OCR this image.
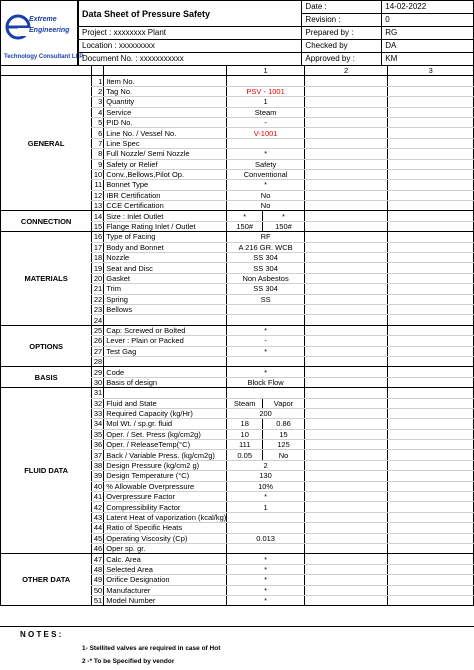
Extreme
Engineering
Technology Consultant LLP.
Data Sheet of Pressure Safety	Date :	14-02-2022
	Revision :	0
Project : xxxxxxxx Plant	Prepared by :	RG
Location : xxxxxxxxx	Checked by	DA
Document No. : xxxxxxxxxxx	Approved by :	KM
			1		2	3
GENERAL	1	Item No.				
	2	Tag No.	PSV - 1001			
	3	Quantity	1			
	4	Service	Steam			
	5	PID No.	-			
	6	Line No. / Vessel No.	V-1001			
	7	Line Spec				
	8	Full Nozzle/ Semi Nozzle	*			
	9	Safety or Relief	Safety			
	10	Conv.,Bellows,Pilot Op.	Conventional			
	11	Bonnet Type	*			
	12	IBR Certification	No			
	13	CCE Certification	No			
CONNECTION	14	Size : Inlet Outlet	*	*		
	15	Flange Rating Inlet / Outlet	150#	150#		
MATERIALS	16	Type of Facing	RF			
	17	Body and Bonnet	A 216 GR. WCB			
	18	Nozzle	SS 304			
	19	Seat and Disc	SS 304			
	20	Gasket	Non Asbestos			
	21	Trim	SS 304			
	22	Spring	SS			
	23	Bellows				
	24					
OPTIONS	25	Cap: Screwed or Bolted	*			
	26	Lever : Plain or Packed	-			
	27	Test Gag	*			
	28					
BASIS	29	Code	*			
	30	Basis of design	Block Flow			
FLUID DATA	31					
	32	Fluid and State	Steam	Vapor		
	33	Required Capacity (kg/Hr)	200			
	34	Mol Wt. / sp.gr. fluid	18	0.86		
	35	Oper. / Set. Press (kg/cm2g)	10	15		
	36	Oper. / ReleaseTemp(°C)	111	125		
	37	Back / Variable Press. (kg/cm2g)	0.05	No		
	38	Design Pressure (kg/cm2 g)	2			
	39	Design Temperature (°C)	130			
	40	% Allowable Overpressure	10%			
	41	Overpressure Factor	*			
	42	Compressibility Factor	1			
	43	Latent Heat of vaporization (kcal/kg)				
	44	Ratio of Specific Heats				
	45	Operating Viscosity (Cp)	0.013			
	46	Oper sp. gr.				
OTHER DATA	47	Calc. Area	*			
	48	Selected Area	*			
	49	Orifice Designation	*			
	50	Manufacturer	*			
	51	Model Number	*			
N O T E S :
1- Stellited valves are required in case of Hot
2 -* To be Specified by vendor
